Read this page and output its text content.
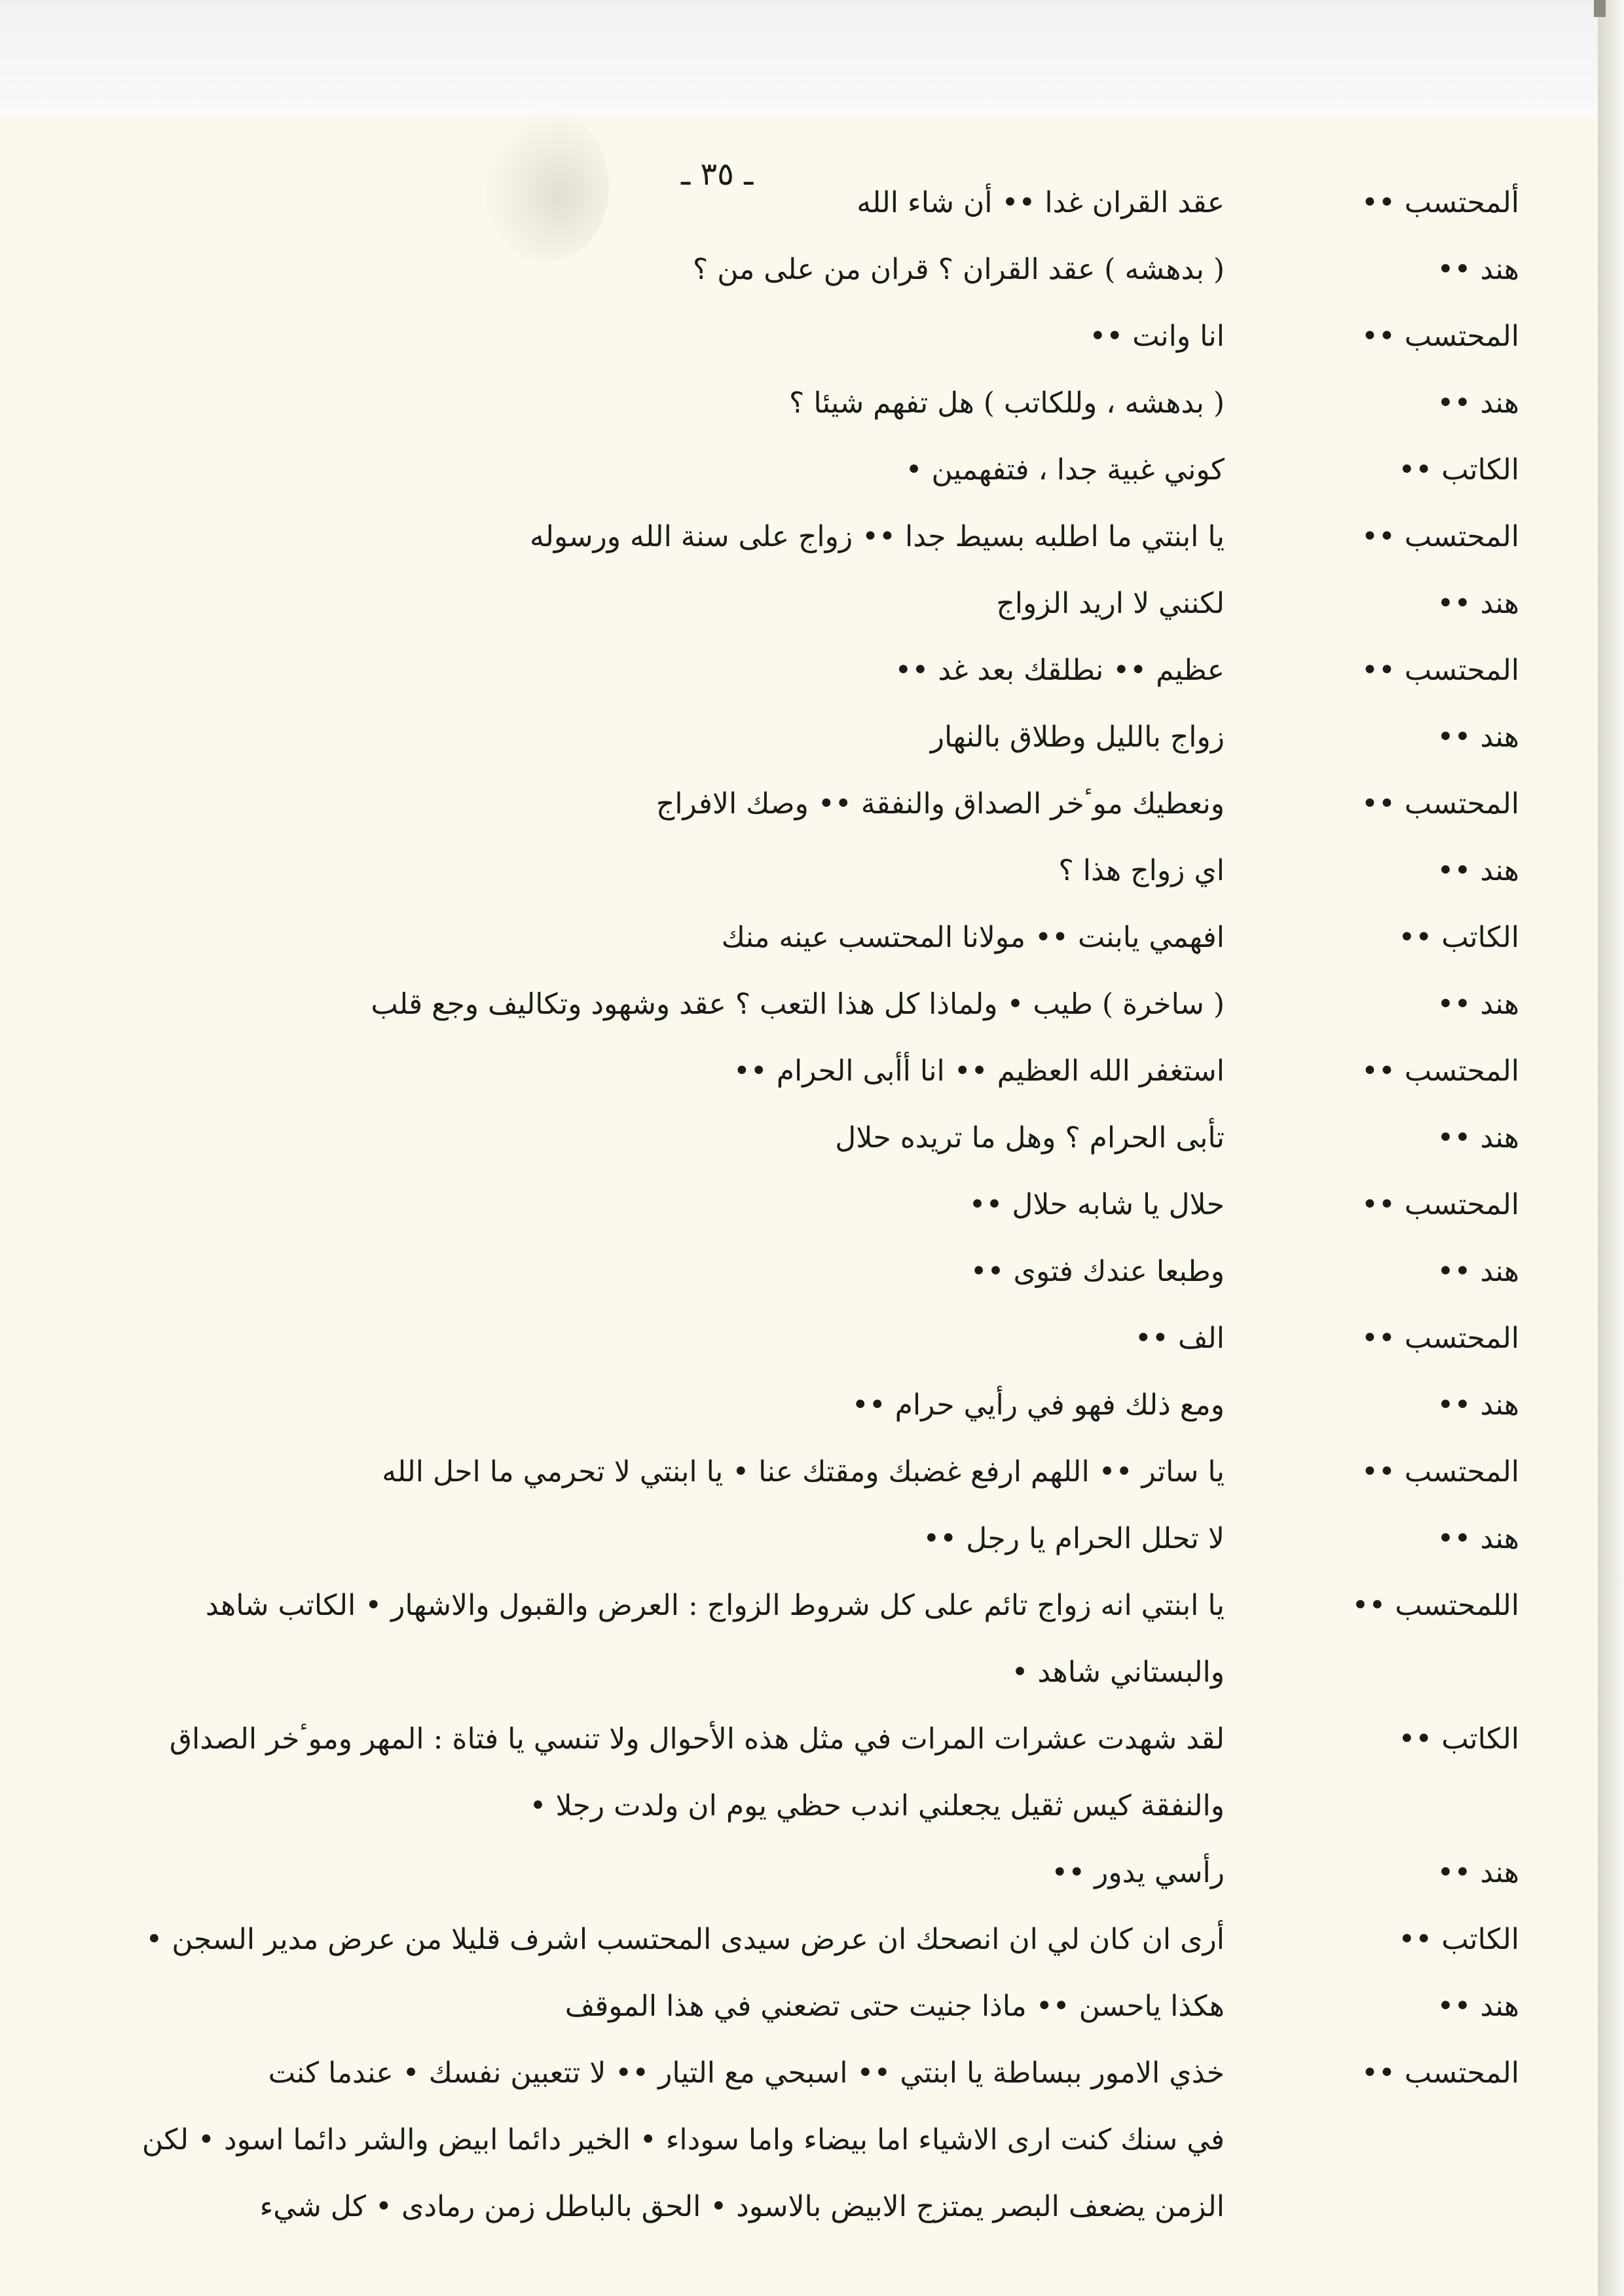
ـ ٣٥ ـ
ألمحتسب ••
عقد القران غدا •• أن شاء الله
هند ••
( بدهشه ) عقد القران ؟ قران من على من ؟
المحتسب ••
انا وانت ••
هند ••
( بدهشه ، وللكاتب ) هل تفهم شيئا ؟
الكاتب ••
كوني غبية جدا ، فتفهمين •
المحتسب ••
يا ابنتي ما اطلبه بسيط جدا •• زواج على سنة الله ورسوله
هند ••
لكنني لا اريد الزواج
المحتسب ••
عظيم •• نطلقك بعد غد ••
هند ••
زواج بالليل وطلاق بالنهار
المحتسب ••
ونعطيك موٴخر الصداق والنفقة •• وصك الافراج
هند ••
اي زواج هذا ؟
الكاتب ••
افهمي يابنت •• مولانا المحتسب عينه منك
هند ••
( ساخرة ) طيب • ولماذا كل هذا التعب ؟ عقد وشهود وتكاليف وجع قلب
المحتسب ••
استغفر الله العظيم •• انا أأبى الحرام ••
هند ••
تأبى الحرام ؟ وهل ما تريده حلال
المحتسب ••
حلال يا شابه حلال ••
هند ••
وطبعا عندك فتوى ••
المحتسب ••
الف ••
هند ••
ومع ذلك فهو في رأيي حرام ••
المحتسب ••
يا ساتر •• اللهم ارفع غضبك ومقتك عنا • يا ابنتي لا تحرمي ما احل الله
هند ••
لا تحلل الحرام يا رجل ••
اللمحتسب ••
يا ابنتي انه زواج تائم على كل شروط الزواج : العرض والقبول والاشهار • الكاتب شاهد
والبستاني شاهد •
الكاتب ••
لقد شهدت عشرات المرات في مثل هذه الأحوال ولا تنسي يا فتاة : المهر وموٴخر الصداق
والنفقة كيس ثقيل يجعلني اندب حظي يوم ان ولدت رجلا •
هند ••
رأسي يدور ••
الكاتب ••
أرى ان كان لي ان انصحك ان عرض سيدى المحتسب اشرف قليلا من عرض مدير السجن •
هند ••
هكذا ياحسن •• ماذا جنيت حتى تضعني في هذا الموقف
المحتسب ••
خذي الامور ببساطة يا ابنتي •• اسبحي مع التيار •• لا تتعبين نفسك • عندما كنت
في سنك كنت ارى الاشياء اما بيضاء واما سوداء • الخير دائما ابيض والشر دائما اسود • لكن
الزمن يضعف البصر يمتزج الابيض بالاسود • الحق بالباطل زمن رمادى • كل شيء
